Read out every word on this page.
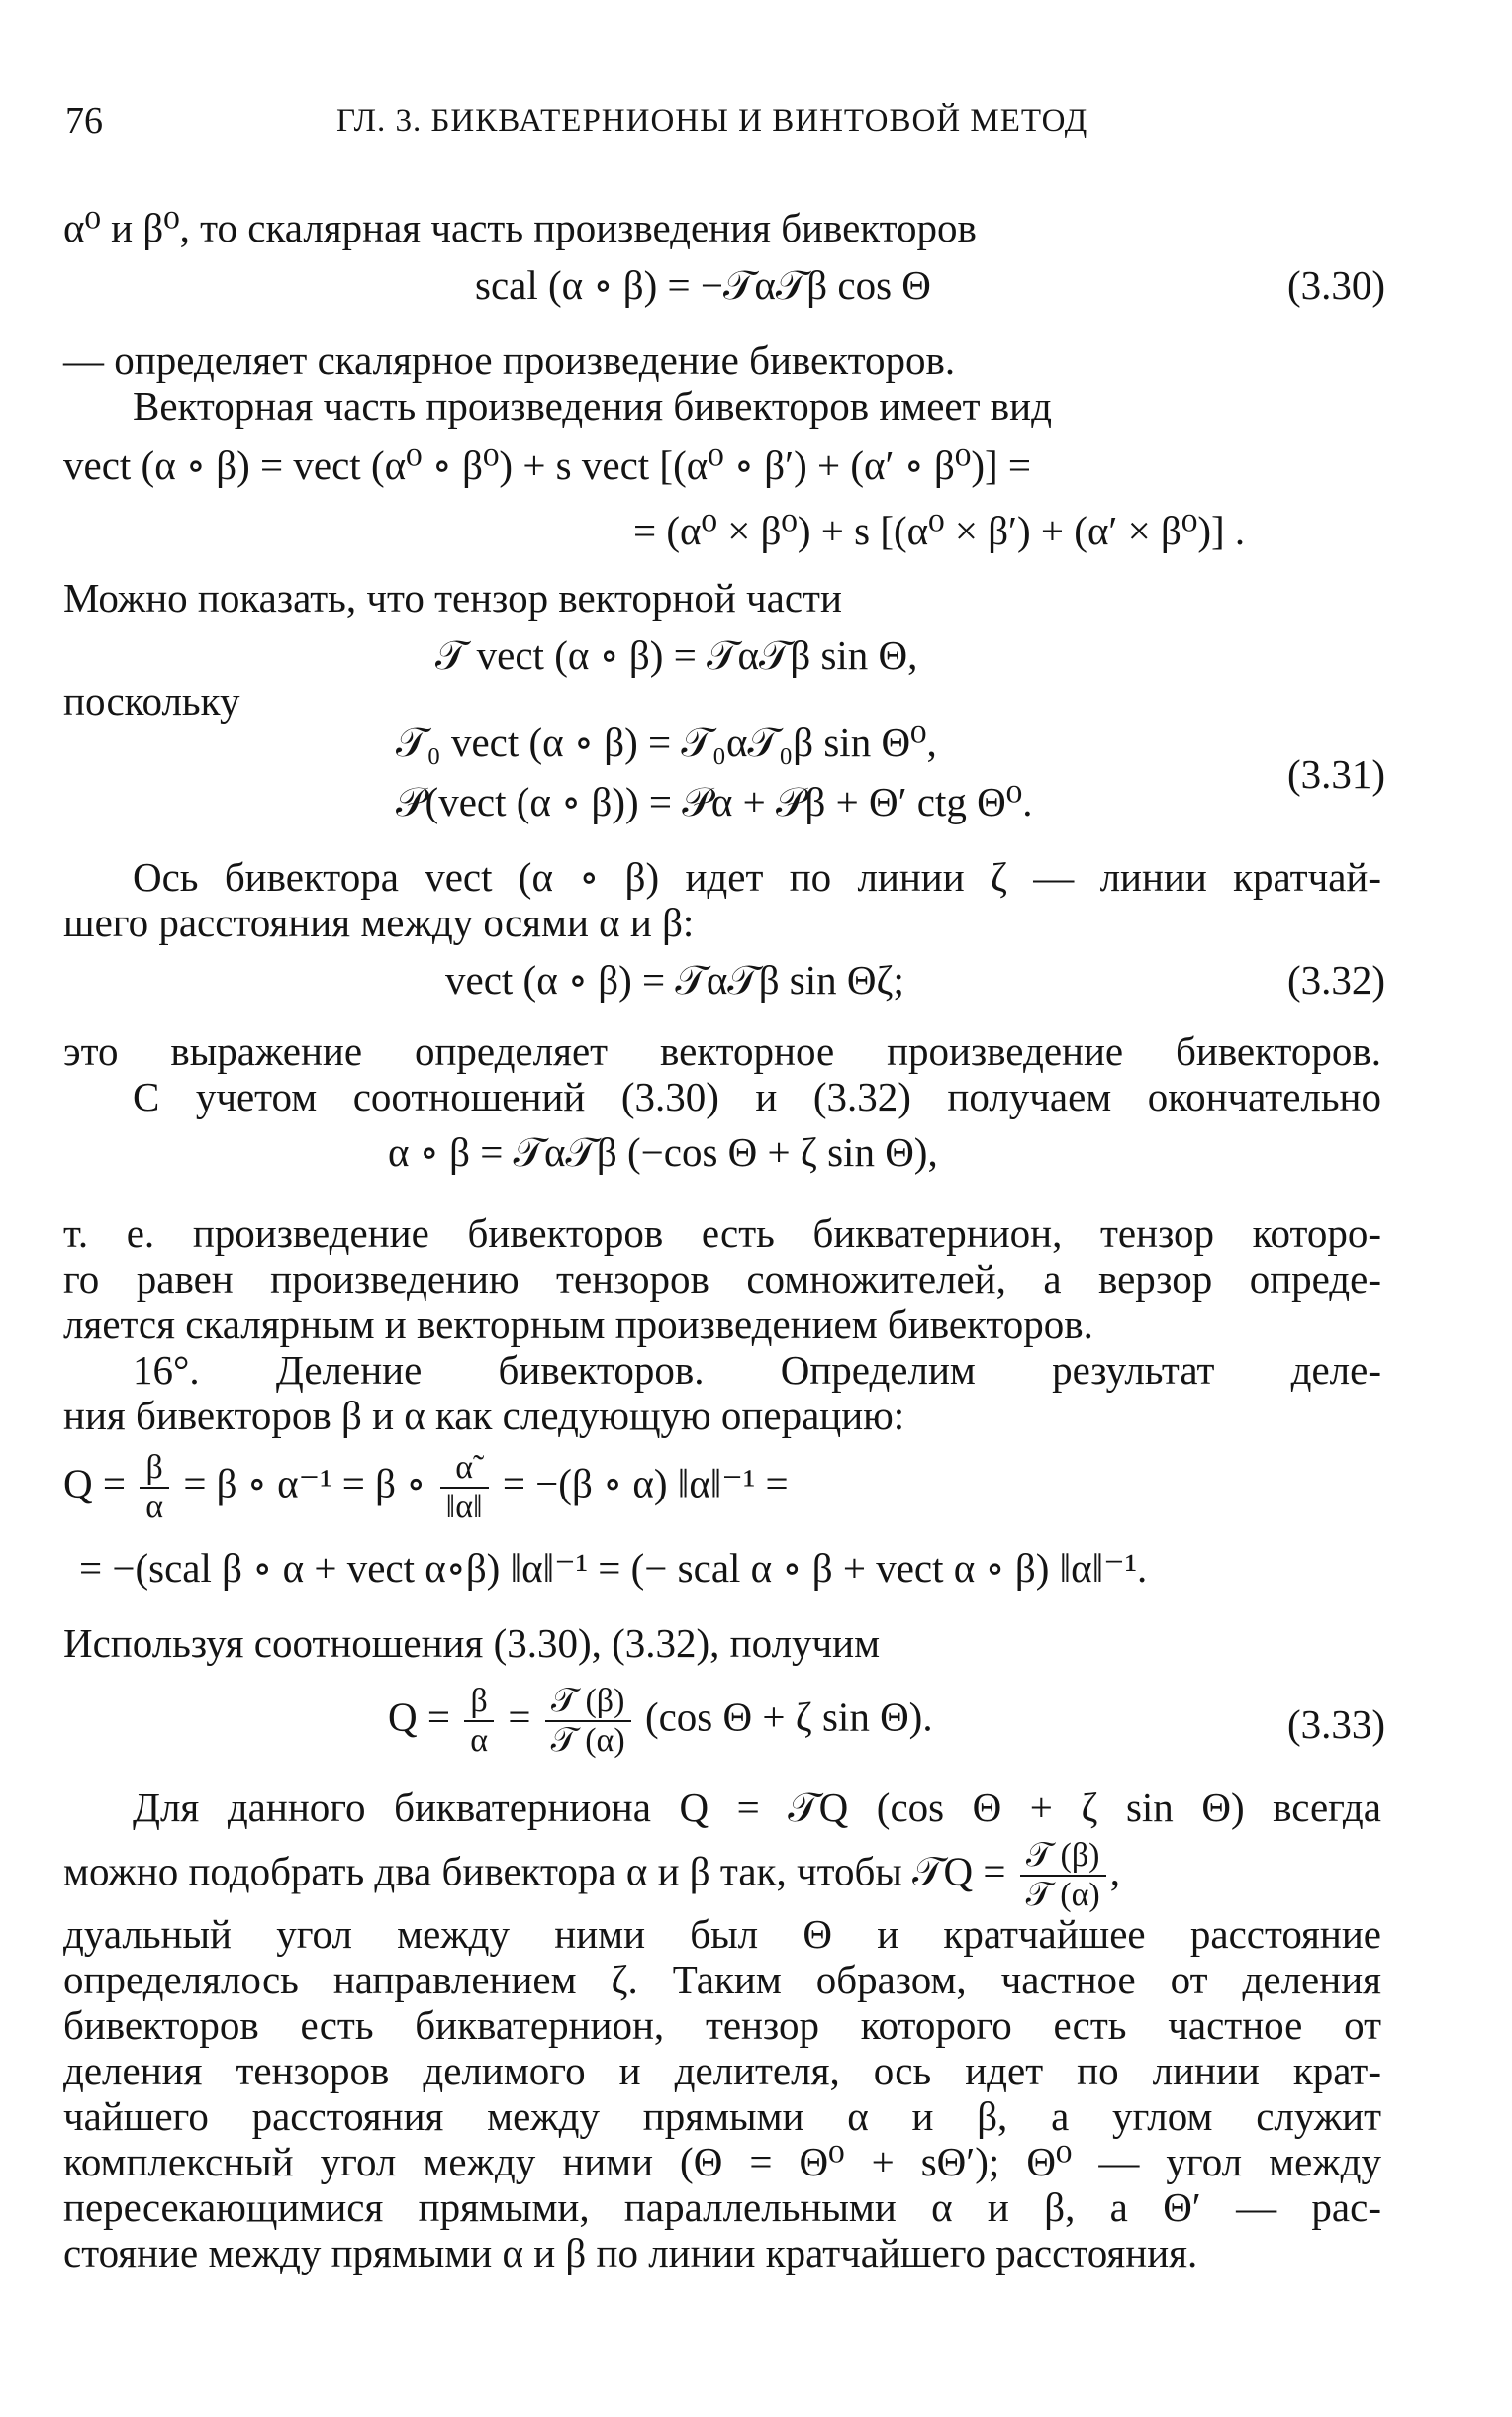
76	ГЛ. 3. БИКВАТЕРНИОНЫ И ВИНТОВОЙ МЕТОД
α⁰ и β⁰, то скалярная часть произведения бивекторов
scal (α ∘ β) = −𝒯α𝒯β cos Θ	(3.30)
— определяет скалярное произведение бивекторов.
Векторная часть произведения бивекторов имеет вид
vect (α ∘ β) = vect (α⁰ ∘ β⁰) + s vect [(α⁰ ∘ β′) + (α′ ∘ β⁰)] =
= (α⁰ × β⁰) + s [(α⁰ × β′) + (α′ × β⁰)] .
Можно показать, что тензор векторной части
𝒯 vect (α ∘ β) = 𝒯α𝒯β sin Θ,
поскольку
𝒯₀ vect (α ∘ β) = 𝒯₀α𝒯₀β sin Θ⁰,
𝒫(vect (α ∘ β)) = 𝒫α + 𝒫β + Θ′ ctg Θ⁰.
(3.31)
Ось бивектора vect (α ∘ β) идет по линии ζ — линии кратчай-
шего расстояния между осями α и β:
vect (α ∘ β) = 𝒯α𝒯β sin Θζ;	(3.32)
это выражение определяет векторное произведение бивекторов.
С учетом соотношений (3.30) и (3.32) получаем окончательно
α ∘ β = 𝒯α𝒯β (−cos Θ + ζ sin Θ),
т. е. произведение бивекторов есть бикватернион, тензор которо-
го равен произведению тензоров сомножителей, а верзор опреде-
ляется скалярным и векторным произведением бивекторов.
16°. Деление бивекторов. Определим результат деле-
ния бивекторов β и α как следующую операцию:
$Q = \frac{\beta}{\alpha} = \beta$ ∘ α⁻¹ = β ∘ $\frac{\alphã}{‖\alpha‖} = -(\beta$ ∘ α) ‖α‖⁻¹ =
= −(scal β ∘ α + vect α∘β) ‖α‖⁻¹ = (− scal α ∘ β + vect α ∘ β) ‖α‖⁻¹.
Используя соотношения (3.30), (3.32), получим
$Q = \frac{\beta}{\alpha} = \frac{\text{𝒯 (β)}}{\text{𝒯 (α)}} (\cos$ Θ + ζ sin Θ).	(3.33)
Для данного бикватерниона Q = 𝒯Q (cos Θ + ζ sin Θ) всегда
можно подобрать два бивектора α и β так, чтобы 𝒯Q = $\frac{\text{𝒯 (β)}}{\text{𝒯 (α)}}$ ,
дуальный угол между ними был Θ и кратчайшее расстояние
определялось направлением ζ. Таким образом, частное от деления
бивекторов есть бикватернион, тензор которого есть частное от
деления тензоров делимого и делителя, ось идет по линии крат-
чайшего расстояния между прямыми α и β, а углом служит
комплексный угол между ними (Θ = Θ⁰ + sΘ′); Θ⁰ — угол между
пересекающимися прямыми, параллельными α и β, а Θ′ — рас-
стояние между прямыми α и β по линии кратчайшего расстояния.
